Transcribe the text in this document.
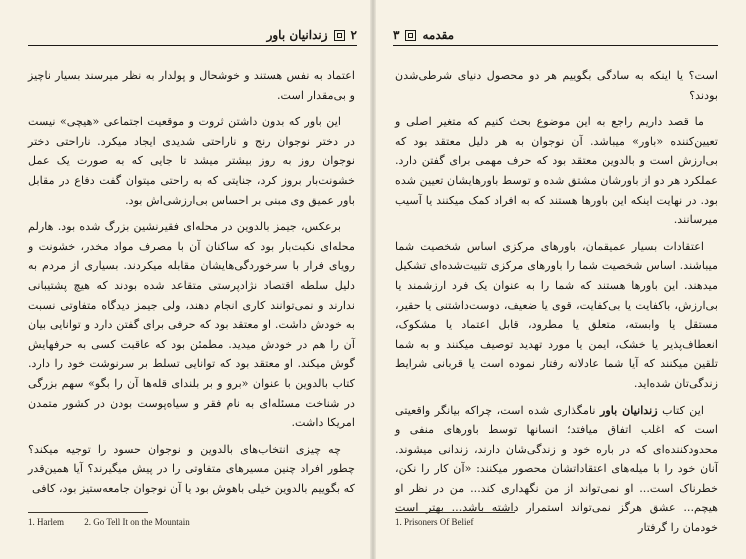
۲
زندانیان باور

اعتماد به نفس هستند و خوشحال و پولدار به نظر میرسند بسیار ناچیز و بی‌مقدار است.

این باور که بدون داشتن ثروت و موقعیت اجتماعی «هیچی» نیست در دختر نوجوان رنج و ناراحتی شدیدی ایجاد میکرد. ناراحتی دختر نوجوان روز به روز بیشتر میشد تا جایی که به صورت یک عمل خشونت‌بار بروز کرد، جنایتی که به راحتی میتوان گفت دفاع در مقابل باور عمیق وی مبنی بر احساس بی‌ارزشی‌اش بود.

برعکس، جیمز بالدوین در محله‌ای فقیرنشین بزرگ شده بود. هارلم محله‌ای نکبت‌بار بود که ساکنان آن با مصرف مواد مخدر، خشونت و رویای فرار با سرخوردگی‌هایشان مقابله میکردند. بسیاری از مردم به دلیل سلطه اقتصاد نژادپرستی متقاعد شده بودند که هیچ پشتیبانی ندارند و نمی‌توانند کاری انجام دهند، ولی جیمز دیدگاه متفاوتی نسبت به خودش داشت. او معتقد بود که حرفی برای گفتن دارد و توانایی بیان آن را هم در خودش میدید. مطمئن بود که عاقبت کسی به حرفهایش گوش میکند. او معتقد بود که توانایی تسلط بر سرنوشت خود را دارد. کتاب بالدوین با عنوان «برو و بر بلندای قله‌ها آن را بگو» سهم بزرگی در شناخت مسئله‌ای به نام فقر و سیاه‌پوست بودن در کشور متمدن امریکا داشت.

چه چیزی انتخاب‌های بالدوین و نوجوان حسود را توجیه میکند؟ چطور افراد چنین مسیرهای متفاوتی را در پیش میگیرند؟ آیا همین‌قدر که بگوییم بالدوین خیلی باهوش بود یا آن نوجوان جامعه‌ستیز بود، کافی

1. Harlem 2. Go Tell It on the Mountain
مقدمه
۳

است؟ یا اینکه به سادگی بگوییم هر دو محصول دنیای شرطی‌شدن بودند؟

ما قصد داریم راجع به این موضوع بحث کنیم که متغیر اصلی و تعیین‌کننده «باور» میباشد. آن نوجوان به هر دلیل معتقد بود که بی‌ارزش است و بالدوین معتقد بود که حرف مهمی برای گفتن دارد. عملکرد هر دو از باورشان مشتق شده و توسط باورهایشان تعیین شده بود. در نهایت اینکه این باورها هستند که به افراد کمک میکنند یا آسیب میرسانند.

اعتقادات بسیار عمیقمان، باورهای مرکزی اساس شخصیت شما میباشند. اساس شخصیت شما را باورهای مرکزی تثبیت‌شده‌ای تشکیل میدهند. این باورها هستند که شما را به عنوان یک فرد ارزشمند یا بی‌ارزش، باکفایت یا بی‌کفایت، قوی یا ضعیف، دوست‌داشتنی یا حقیر، مستقل یا وابسته، متعلق یا مطرود، قابل اعتماد یا مشکوک، انعطاف‌پذیر یا خشک، ایمن یا مورد تهدید توصیف میکنند و به شما تلقین میکنند که آیا شما عادلانه رفتار نموده است یا قربانی شرایط زندگی‌تان شده‌اید.

این کتاب زندانیان باور نامگذاری شده است، چراکه بیانگر واقعیتی است که اغلب اتفاق میافتد؛ انسانها توسط باورهای منفی و محدودکننده‌ای که در باره خود و زندگی‌شان دارند، زندانی میشوند. آنان خود را با میله‌های اعتقاداتشان محصور میکنند: «آن کار را نکن، خطرناک است... او نمی‌تواند از من نگهداری کند... من در نظر او هیچم... عشق هرگز نمی‌تواند استمرار داشته باشد... بهتر است خودمان را گرفتار

1. Prisoners Of Belief
